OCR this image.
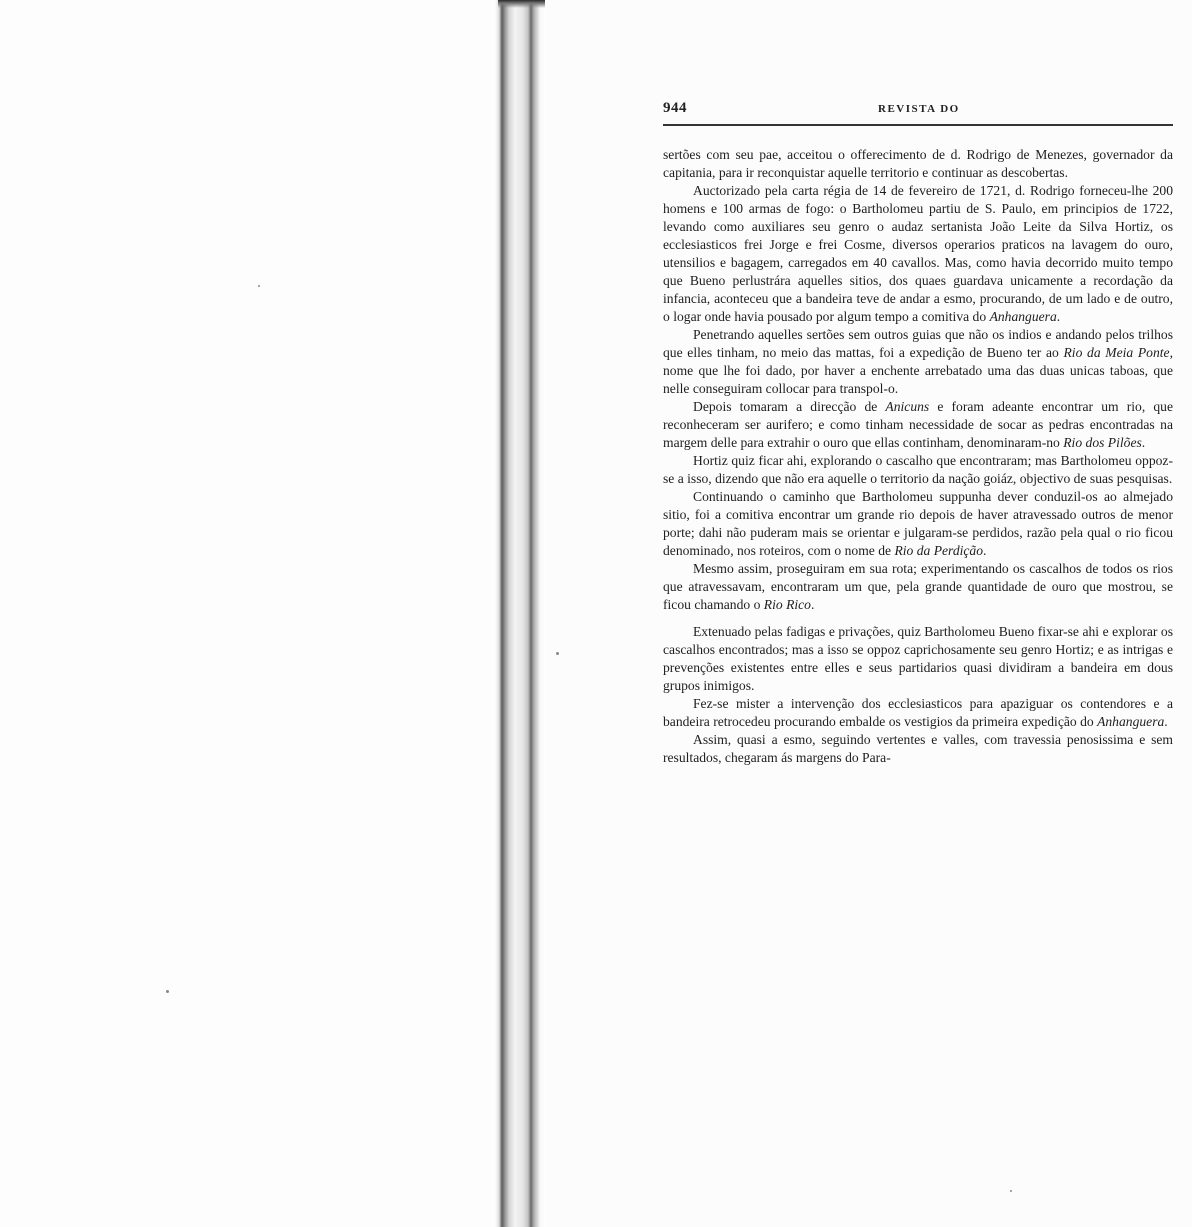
944	REVISTA DO

sertões com seu pae, acceitou o offerecimento de d. Rodrigo de Menezes, governador da capitania, para ir reconquistar aquelle territorio e continuar as descobertas.

Auctorizado pela carta régia de 14 de fevereiro de 1721, d. Rodrigo forneceu-lhe 200 homens e 100 armas de fogo: o Bartholomeu partiu de S. Paulo, em principios de 1722, levando como auxiliares seu genro o audaz sertanista João Leite da Silva Hortiz, os ecclesiasticos frei Jorge e frei Cosme, diversos operarios praticos na lavagem do ouro, utensilios e bagagem, carregados em 40 cavallos. Mas, como havia decorrido muito tempo que Bueno perlustrára aquelles sitios, dos quaes guardava unicamente a recordação da infancia, aconteceu que a bandeira teve de andar a esmo, procurando, de um lado e de outro, o logar onde havia pousado por algum tempo a comitiva do Anhanguera.

Penetrando aquelles sertões sem outros guias que não os indios e andando pelos trilhos que elles tinham, no meio das mattas, foi a expedição de Bueno ter ao Rio da Meia Ponte, nome que lhe foi dado, por haver a enchente arrebatado uma das duas unicas taboas, que nelle conseguiram collocar para transpol-o.

Depois tomaram a direcção de Anicuns e foram adeante encontrar um rio, que reconheceram ser aurifero; e como tinham necessidade de socar as pedras encontradas na margem delle para extrahir o ouro que ellas continham, denominaram-no Rio dos Pilões.

Hortiz quiz ficar ahi, explorando o cascalho que encontraram; mas Bartholomeu oppoz-se a isso, dizendo que não era aquelle o territorio da nação goiáz, objectivo de suas pesquisas.

Continuando o caminho que Bartholomeu suppunha dever conduzil-os ao almejado sitio, foi a comitiva encontrar um grande rio depois de haver atravessado outros de menor porte; dahi não puderam mais se orientar e julgaram-se perdidos, razão pela qual o rio ficou denominado, nos roteiros, com o nome de Rio da Perdição.

Mesmo assim, proseguiram em sua rota; experimentando os cascalhos de todos os rios que atravessavam, encontraram um que, pela grande quantidade de ouro que mostrou, se ficou chamando o Rio Rico.

Extenuado pelas fadigas e privações, quiz Bartholomeu Bueno fixar-se ahi e explorar os cascalhos encontrados; mas a isso se oppoz caprichosamente seu genro Hortiz; e as intrigas e prevenções existentes entre elles e seus partidarios quasi dividiram a bandeira em dous grupos inimigos.

Fez-se mister a intervenção dos ecclesiasticos para apaziguar os contendores e a bandeira retrocedeu procurando embalde os vestigios da primeira expedição do Anhanguera.

Assim, quasi a esmo, seguindo vertentes e valles, com travessia penosissima e sem resultados, chegaram ás margens do Para-
